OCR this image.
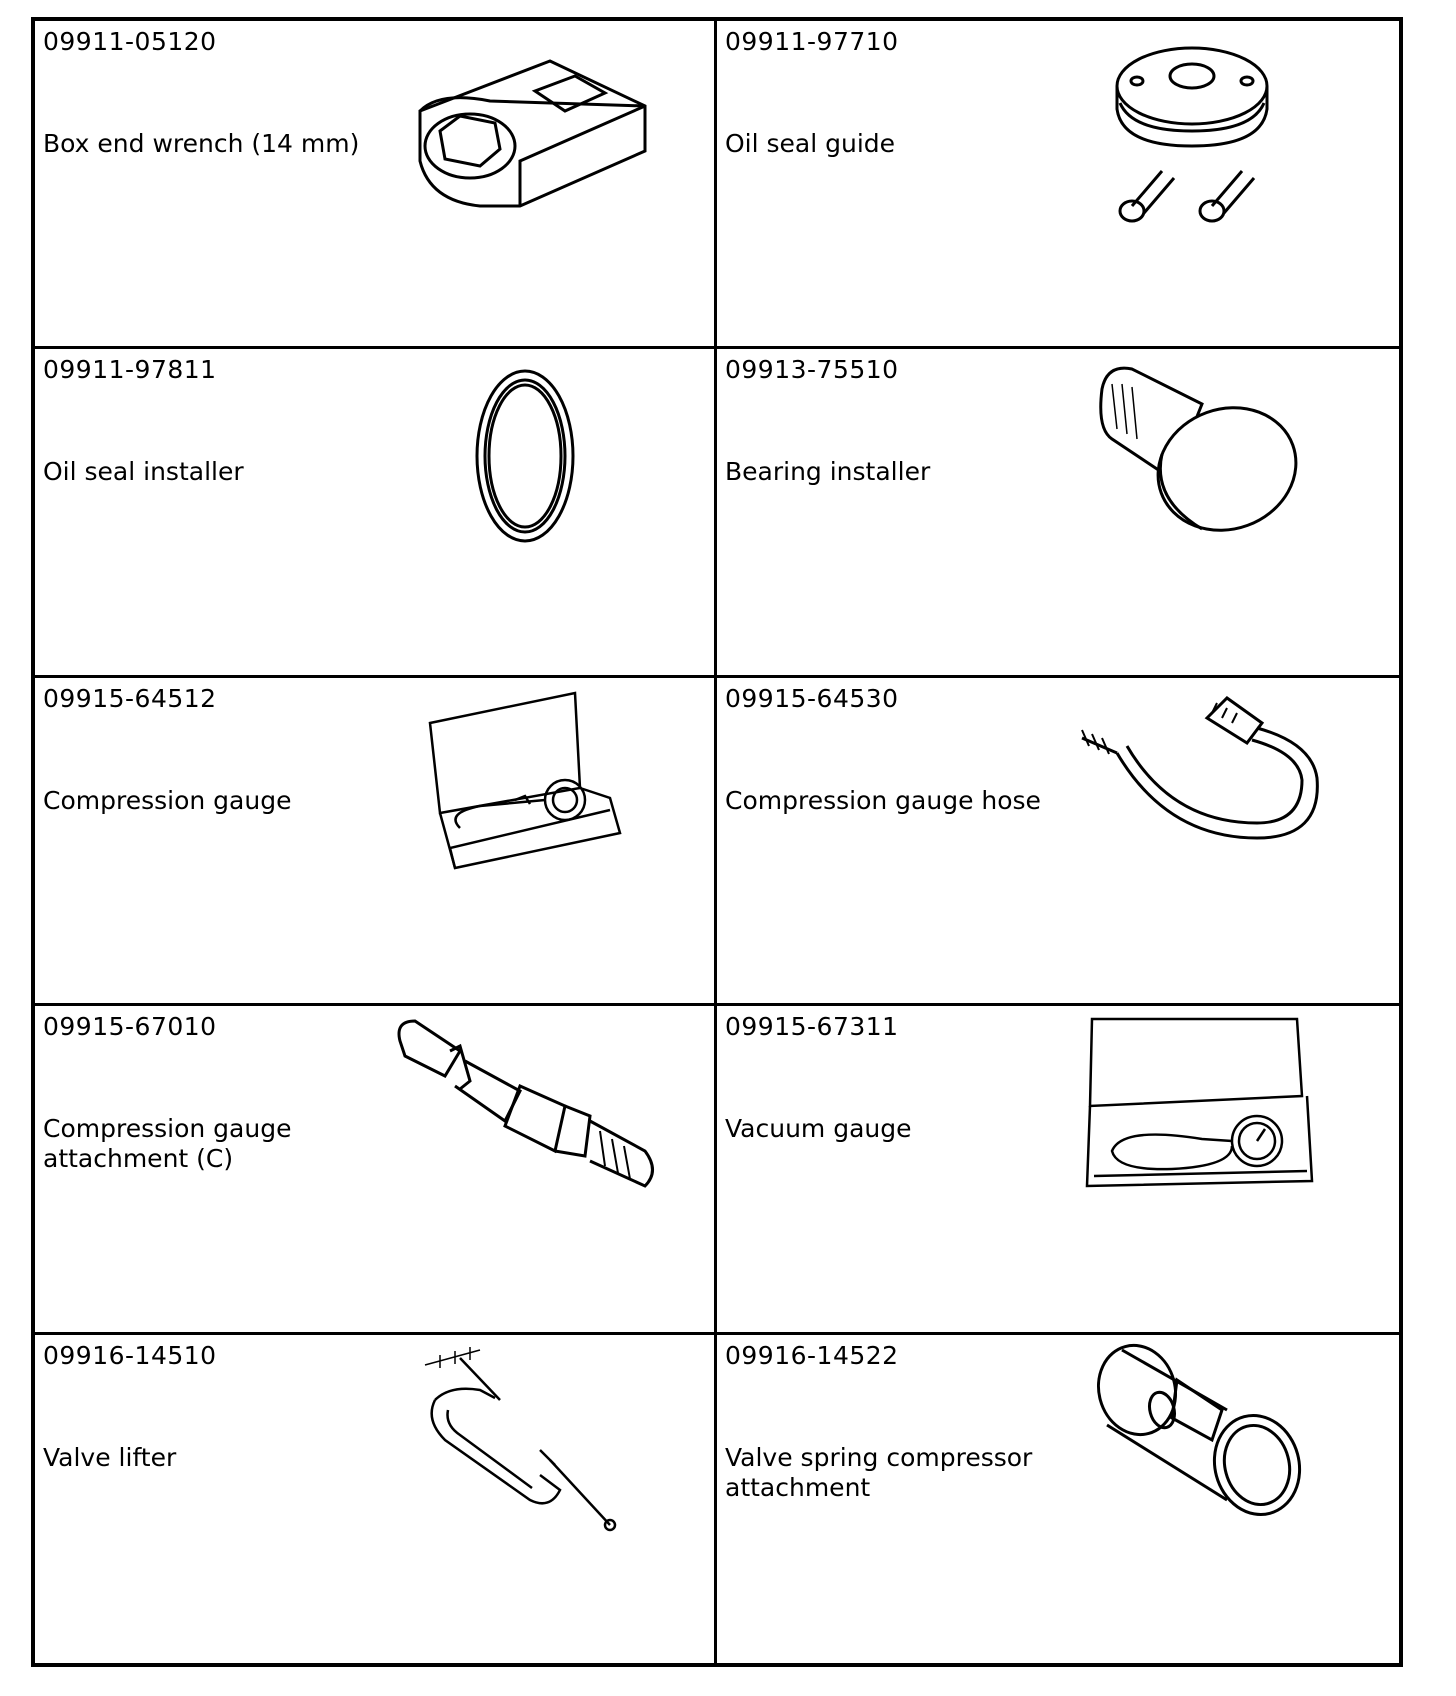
09911-05120
Box end wrench (14 mm)
09911-97710
Oil seal guide
09911-97811
Oil seal installer
09913-75510
Bearing installer
09915-64512
Compression gauge
09915-64530
Compression gauge hose
09915-67010
Compression gauge attachment (C)
09915-67311
Vacuum gauge
09916-14510
Valve lifter
09916-14522
Valve spring compressor attachment
